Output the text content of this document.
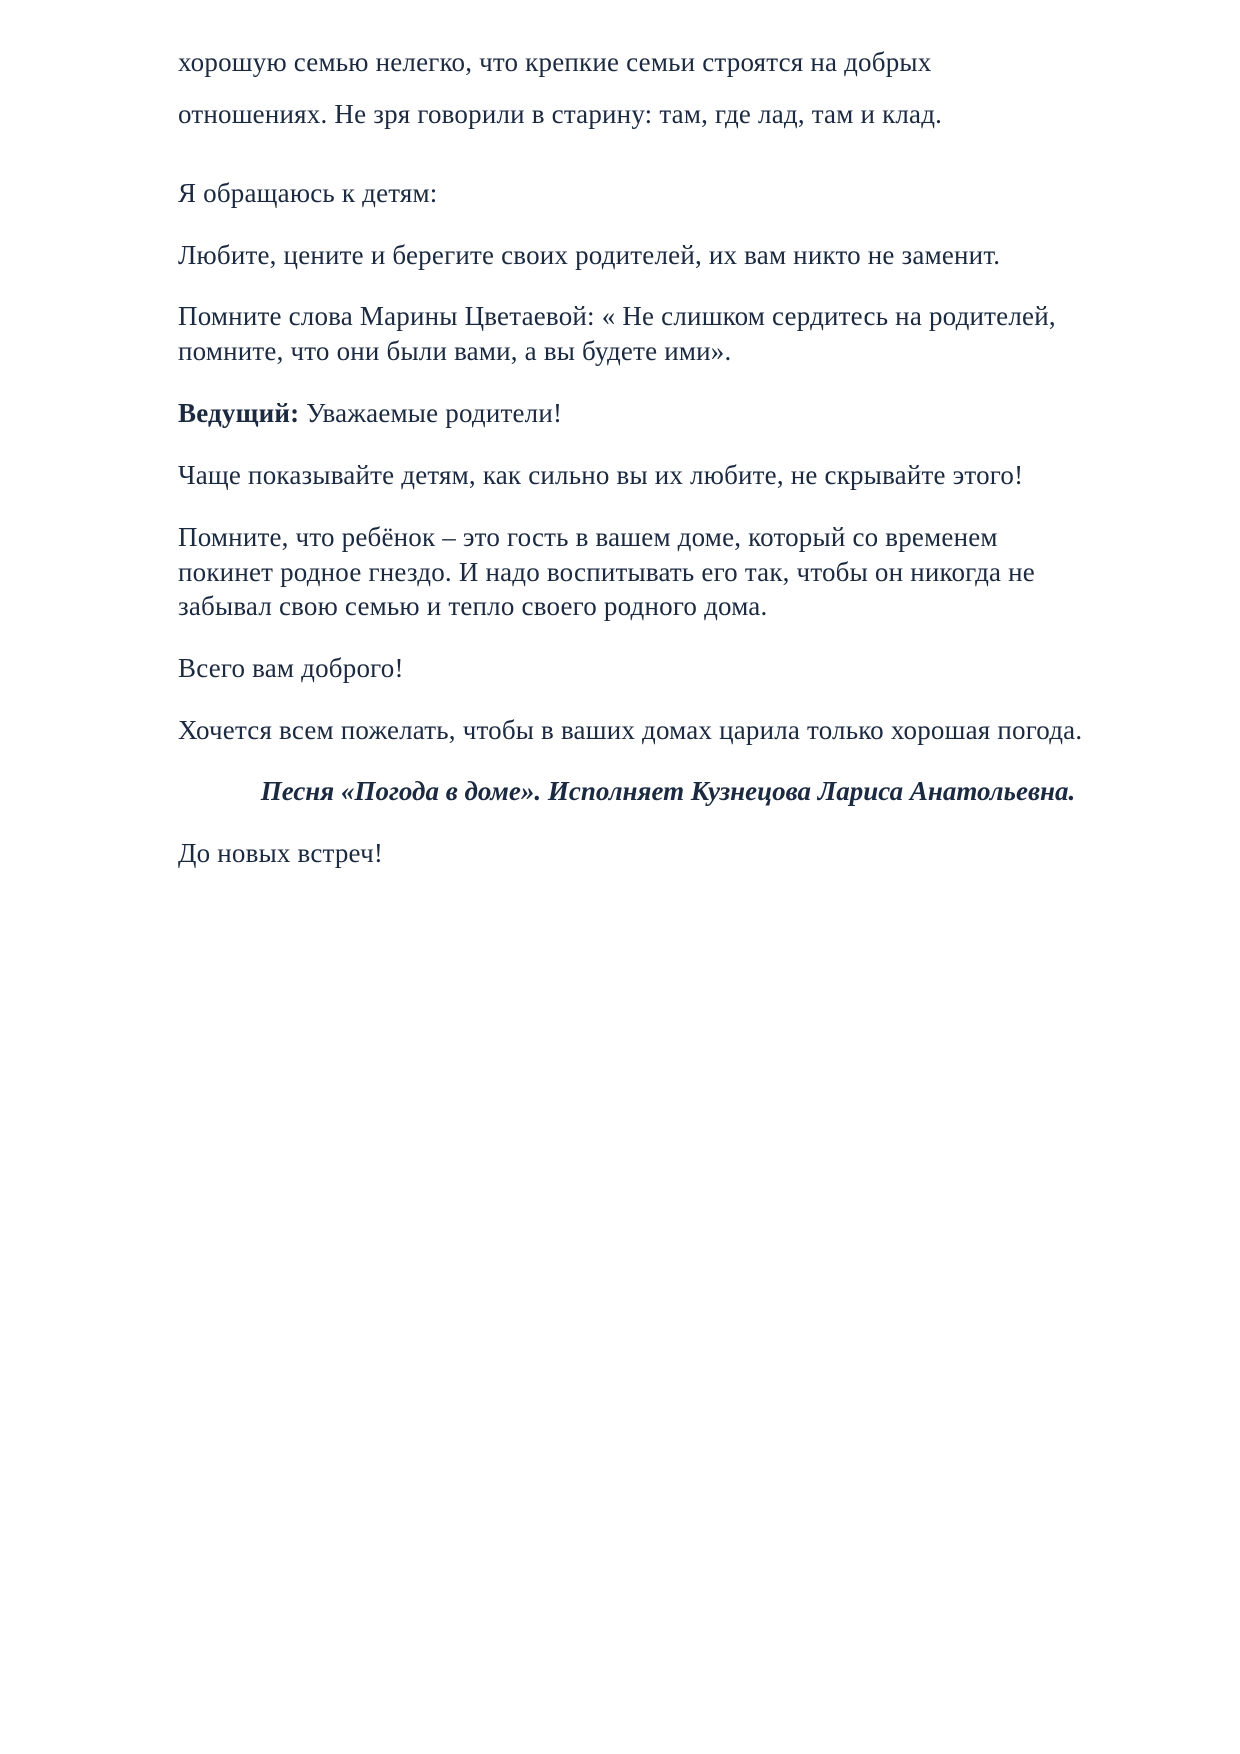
хорошую семью нелегко, что крепкие семьи строятся на добрых
отношениях. Не зря говорили в старину: там, где лад, там и клад.
Я обращаюсь к детям:
Любите, цените и берегите своих родителей, их вам никто не заменит.
Помните слова Марины Цветаевой: « Не слишком сердитесь на родителей,
помните, что они были вами, а вы будете ими».
Ведущий: Уважаемые родители!
Чаще показывайте детям, как сильно вы их любите, не скрывайте этого!
Помните, что ребёнок – это гость в вашем доме, который со временем
покинет родное гнездо. И надо воспитывать его так, чтобы он никогда не
забывал свою семью и тепло своего родного дома.
Всего вам доброго!
Хочется всем пожелать, чтобы в ваших домах царила только хорошая погода.
Песня «Погода в доме». Исполняет Кузнецова Лариса Анатольевна.
До новых встреч!
